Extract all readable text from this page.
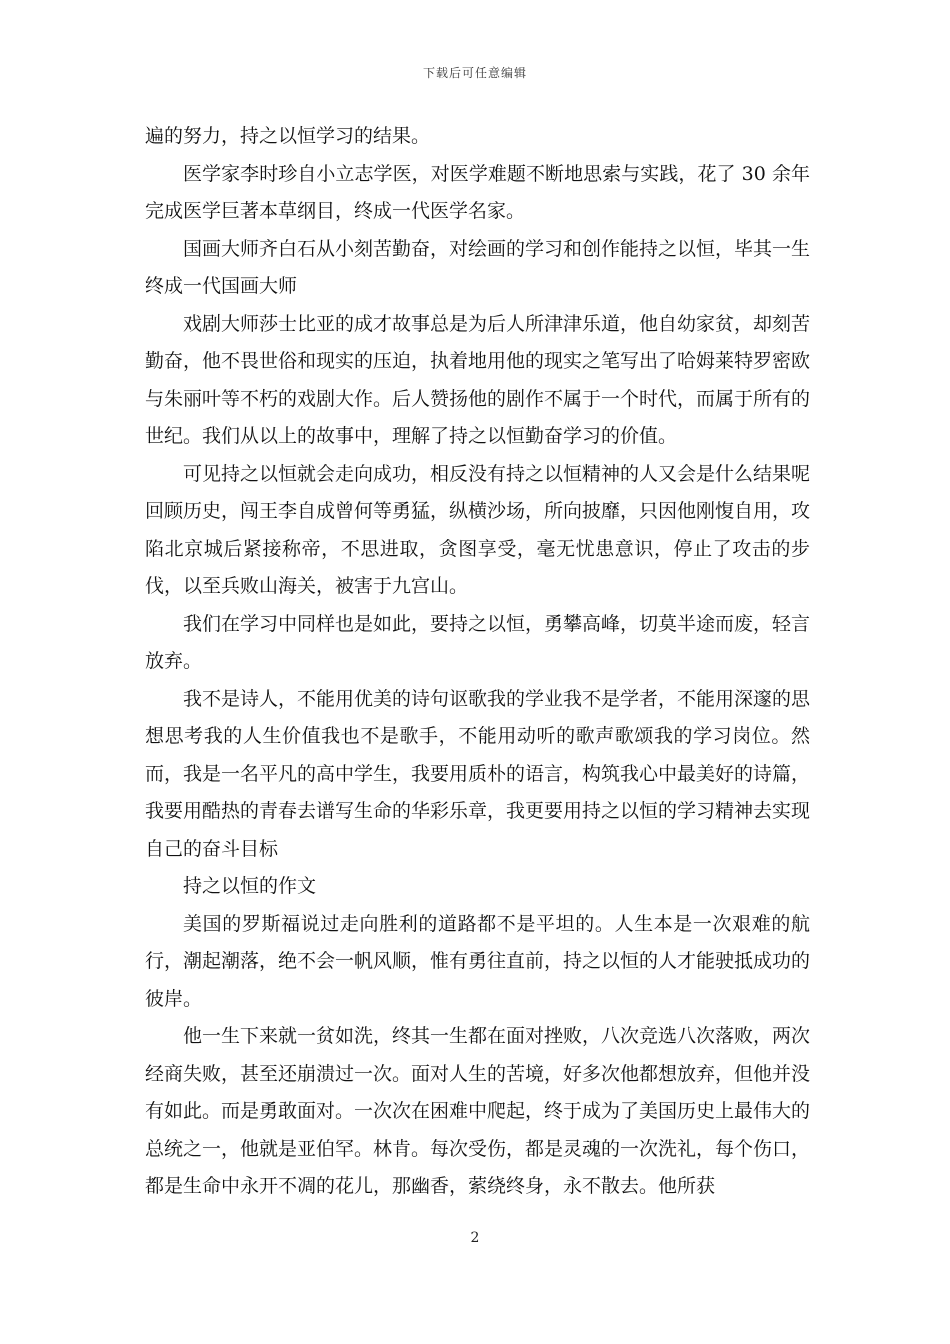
下载后可任意编辑

遍的努力，持之以恒学习的结果。

医学家李时珍自小立志学医，对医学难题不断地思索与实践，花了 30 余年完成医学巨著本草纲目，终成一代医学名家。

国画大师齐白石从小刻苦勤奋，对绘画的学习和创作能持之以恒，毕其一生终成一代国画大师

戏剧大师莎士比亚的成才故事总是为后人所津津乐道，他自幼家贫，却刻苦勤奋，他不畏世俗和现实的压迫，执着地用他的现实之笔写出了哈姆莱特罗密欧与朱丽叶等不朽的戏剧大作。后人赞扬他的剧作不属于一个时代，而属于所有的世纪。我们从以上的故事中，理解了持之以恒勤奋学习的价值。

可见持之以恒就会走向成功，相反没有持之以恒精神的人又会是什么结果呢回顾历史，闯王李自成曾何等勇猛，纵横沙场，所向披靡，只因他刚愎自用，攻陷北京城后紧接称帝，不思进取，贪图享受，毫无忧患意识，停止了攻击的步伐，以至兵败山海关，被害于九宫山。

我们在学习中同样也是如此，要持之以恒，勇攀高峰，切莫半途而废，轻言放弃。

我不是诗人，不能用优美的诗句讴歌我的学业我不是学者，不能用深邃的思想思考我的人生价值我也不是歌手，不能用动听的歌声歌颂我的学习岗位。然而，我是一名平凡的高中学生，我要用质朴的语言，构筑我心中最美好的诗篇，我要用酷热的青春去谱写生命的华彩乐章，我更要用持之以恒的学习精神去实现自己的奋斗目标

持之以恒的作文

美国的罗斯福说过走向胜利的道路都不是平坦的。人生本是一次艰难的航行，潮起潮落，绝不会一帆风顺，惟有勇往直前，持之以恒的人才能驶抵成功的彼岸。

他一生下来就一贫如洗，终其一生都在面对挫败，八次竞选八次落败，两次经商失败，甚至还崩溃过一次。面对人生的苦境，好多次他都想放弃，但他并没有如此。而是勇敢面对。一次次在困难中爬起，终于成为了美国历史上最伟大的总统之一，他就是亚伯罕。林肯。每次受伤，都是灵魂的一次洗礼，每个伤口，都是生命中永开不凋的花儿，那幽香，萦绕终身，永不散去。他所获

2
